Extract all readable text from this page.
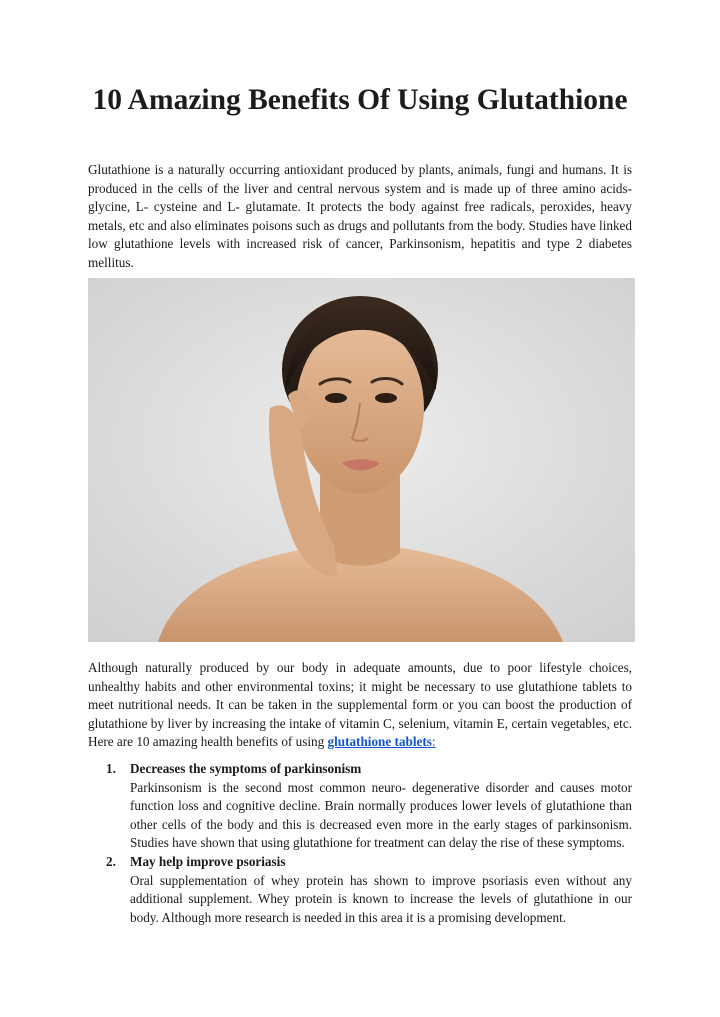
10 Amazing Benefits Of Using Glutathione

Glutathione is a naturally occurring antioxidant produced by plants, animals, fungi and humans. It is produced in the cells of the liver and central nervous system and is made up of three amino acids- glycine, L- cysteine and L- glutamate. It protects the body against free radicals, peroxides, heavy metals, etc and also eliminates poisons such as drugs and pollutants from the body. Studies have linked low glutathione levels with increased risk of cancer, Parkinsonism, hepatitis and type 2 diabetes mellitus.

Although naturally produced by our body in adequate amounts, due to poor lifestyle choices, unhealthy habits and other environmental toxins; it might be necessary to use glutathione tablets to meet nutritional needs. It can be taken in the supplemental form or you can boost the production of glutathione by liver by increasing the intake of vitamin C, selenium, vitamin E, certain vegetables, etc. Here are 10 amazing health benefits of using glutathione tablets:

1. Decreases the symptoms of parkinsonism
Parkinsonism is the second most common neuro- degenerative disorder and causes motor function loss and cognitive decline. Brain normally produces lower levels of glutathione than other cells of the body and this is decreased even more in the early stages of parkinsonism. Studies have shown that using glutathione for treatment can delay the rise of these symptoms.
2. May help improve psoriasis
Oral supplementation of whey protein has shown to improve psoriasis even without any additional supplement. Whey protein is known to increase the levels of glutathione in our body. Although more research is needed in this area it is a promising development.
